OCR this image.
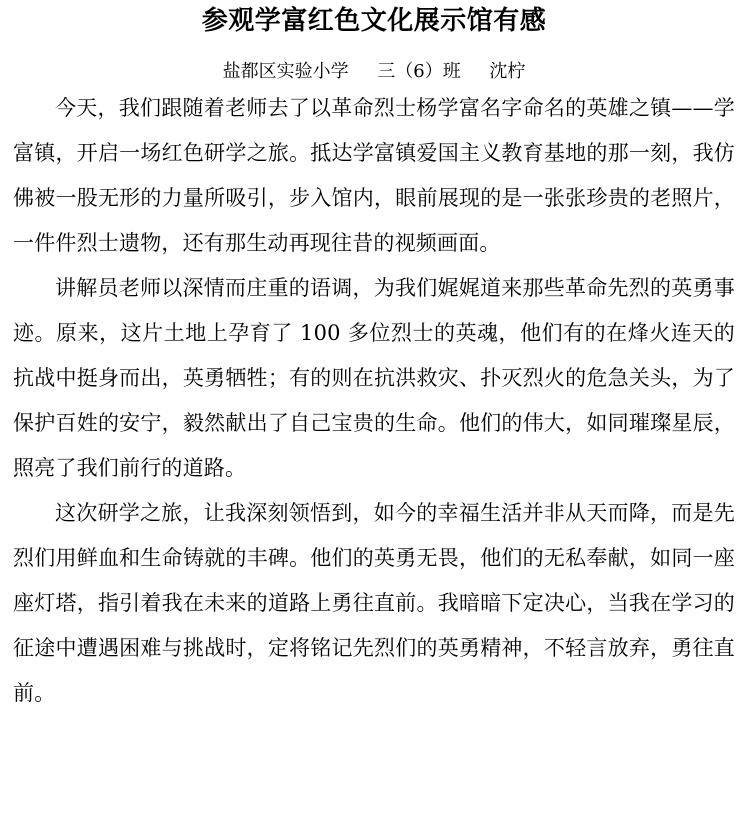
参观学富红色文化展示馆有感
盐都区实验小学     三（6）班     沈柠

今天，我们跟随着老师去了以革命烈士杨学富名字命名的英雄之镇——学富镇，开启一场红色研学之旅。抵达学富镇爱国主义教育基地的那一刻，我仿佛被一股无形的力量所吸引，步入馆内，眼前展现的是一张张珍贵的老照片，一件件烈士遗物，还有那生动再现往昔的视频画面。

讲解员老师以深情而庄重的语调，为我们娓娓道来那些革命先烈的英勇事迹。原来，这片土地上孕育了 100 多位烈士的英魂，他们有的在烽火连天的抗战中挺身而出，英勇牺牲；有的则在抗洪救灾、扑灭烈火的危急关头，为了保护百姓的安宁，毅然献出了自己宝贵的生命。他们的伟大，如同璀璨星辰，照亮了我们前行的道路。

这次研学之旅，让我深刻领悟到，如今的幸福生活并非从天而降，而是先烈们用鲜血和生命铸就的丰碑。他们的英勇无畏，他们的无私奉献，如同一座座灯塔，指引着我在未来的道路上勇往直前。我暗暗下定决心，当我在学习的征途中遭遇困难与挑战时，定将铭记先烈们的英勇精神，不轻言放弃，勇往直前。
